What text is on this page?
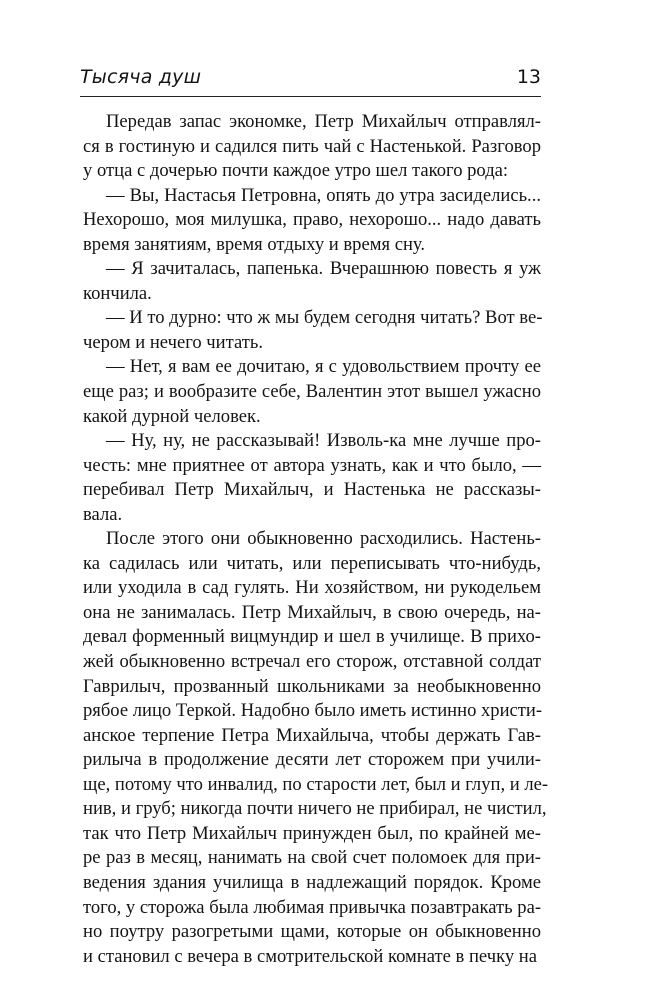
Тысяча душ	13
Передав запас экономке, Петр Михайлыч отправлял-
ся в гостиную и садился пить чай с Настенькой. Разговор
у отца с дочерью почти каждое утро шел такого рода:
— Вы, Настасья Петровна, опять до утра засиделись...
Нехорошо, моя милушка, право, нехорошо... надо давать
время занятиям, время отдыху и время сну.
— Я зачиталась, папенька. Вчерашнюю повесть я уж
кончила.
— И то дурно: что ж мы будем сегодня читать? Вот ве-
чером и нечего читать.
— Нет, я вам ее дочитаю, я с удовольствием прочту ее
еще раз; и вообразите себе, Валентин этот вышел ужасно
какой дурной человек.
— Ну, ну, не рассказывай! Изволь-ка мне лучше про-
честь: мне приятнее от автора узнать, как и что было, —
перебивал Петр Михайлыч, и Настенька не рассказы-
вала.
После этого они обыкновенно расходились. Настень-
ка садилась или читать, или переписывать что-нибудь,
или уходила в сад гулять. Ни хозяйством, ни рукодельем
она не занималась. Петр Михайлыч, в свою очередь, на-
девал форменный вицмундир и шел в училище. В прихо-
жей обыкновенно встречал его сторож, отставной солдат
Гаврилыч, прозванный школьниками за необыкновенно
рябое лицо Теркой. Надобно было иметь истинно христи-
анское терпение Петра Михайлыча, чтобы держать Гав-
рилыча в продолжение десяти лет сторожем при учили-
ще, потому что инвалид, по старости лет, был и глуп, и ле-
нив, и груб; никогда почти ничего не прибирал, не чистил,
так что Петр Михайлыч принужден был, по крайней ме-
ре раз в месяц, нанимать на свой счет поломоек для при-
ведения здания училища в надлежащий порядок. Кроме
того, у сторожа была любимая привычка позавтракать ра-
но поутру разогретыми щами, которые он обыкновенно
и становил с вечера в смотрительской комнате в печку на
